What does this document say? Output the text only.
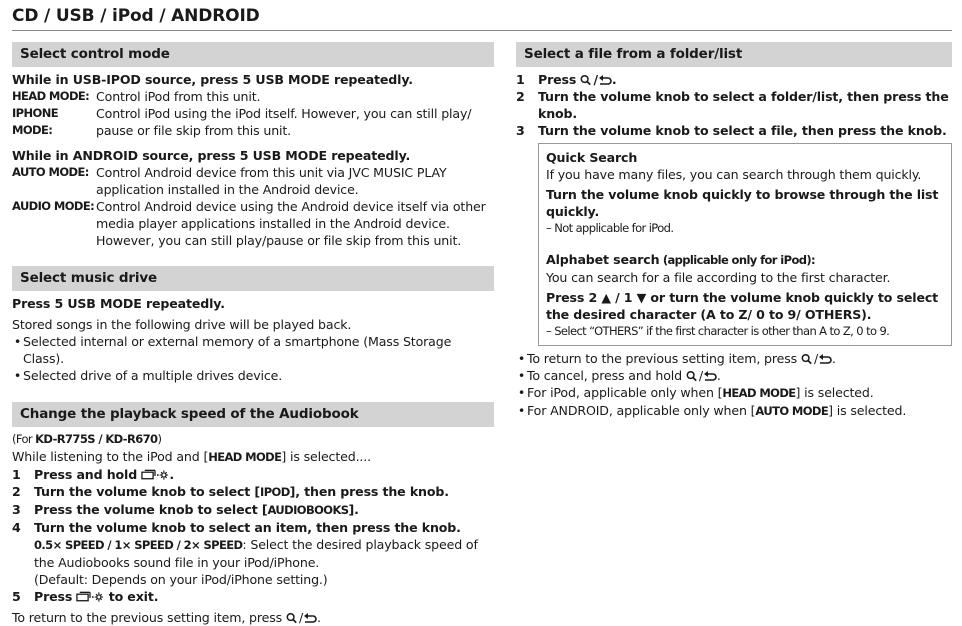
CD / USB / iPod / ANDROID
Select control mode
While in USB-IPOD source, press 5 USB MODE repeatedly.
HEAD MODE: Control iPod from this unit.
IPHONE MODE:
Control iPod using the iPod itself. However, you can still play/ pause or file skip from this unit.
While in ANDROID source, press 5 USB MODE repeatedly.
AUTO MODE: Control Android device from this unit via JVC MUSIC PLAY application installed in the Android device.
AUDIO MODE: Control Android device using the Android device itself via other media player applications installed in the Android device. However, you can still play/pause or file skip from this unit.
Select music drive
Press 5 USB MODE repeatedly.
Stored songs in the following drive will be played back.
• Selected internal or external memory of a smartphone (Mass Storage Class).
• Selected drive of a multiple drives device.
Change the playback speed of the Audiobook
(For KD-R775S / KD-R670)
While listening to the iPod and [HEAD MODE] is selected....
1	Press and hold .
2	Turn the volume knob to select [IPOD], then press the knob.
3	Press the volume knob to select [AUDIOBOOKS].
4	Turn the volume knob to select an item, then press the knob.
0.5× SPEED / 1× SPEED / 2× SPEED: Select the desired playback speed of the Audiobooks sound file in your iPod/iPhone.
(Default: Depends on your iPod/iPhone setting.)
5	Press  to exit.
To return to the previous setting item, press / .
Select a file from a folder/list
1	Press / .
2	Turn the volume knob to select a folder/list, then press the knob.
3	Turn the volume knob to select a file, then press the knob.
Quick Search
If you have many files, you can search through them quickly.
Turn the volume knob quickly to browse through the list quickly.
– Not applicable for iPod.
Alphabet search (applicable only for iPod):
You can search for a file according to the first character.
Press 2 ▲ / 1 ▼ or turn the volume knob quickly to select the desired character (A to Z/ 0 to 9/ OTHERS).
– Select “OTHERS” if the first character is other than A to Z, 0 to 9.
• To return to the previous setting item, press / .
• To cancel, press and hold / .
• For iPod, applicable only when [HEAD MODE] is selected.
• For ANDROID, applicable only when [AUTO MODE] is selected.
